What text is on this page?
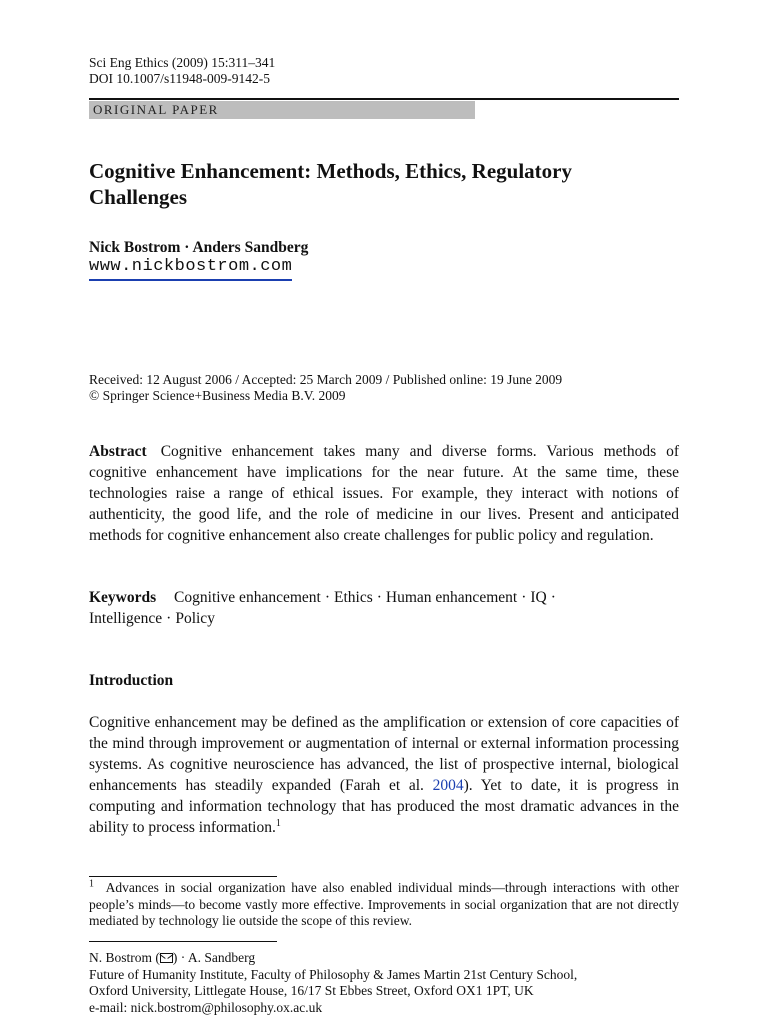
Sci Eng Ethics (2009) 15:311–341
DOI 10.1007/s11948-009-9142-5
ORIGINAL PAPER
Cognitive Enhancement: Methods, Ethics, Regulatory
Challenges
Nick Bostrom · Anders Sandberg
www.nickbostrom.com
Received: 12 August 2006 / Accepted: 25 March 2009 / Published online: 19 June 2009
© Springer Science+Business Media B.V. 2009
Abstract Cognitive enhancement takes many and diverse forms. Various methods of cognitive enhancement have implications for the near future. At the same time, these technologies raise a range of ethical issues. For example, they interact with notions of authenticity, the good life, and the role of medicine in our lives. Present and anticipated methods for cognitive enhancement also create challenges for public policy and regulation.
Keywords Cognitive enhancement · Ethics · Human enhancement · IQ ·
Intelligence · Policy
Introduction
Cognitive enhancement may be defined as the amplification or extension of core capacities of the mind through improvement or augmentation of internal or external information processing systems. As cognitive neuroscience has advanced, the list of prospective internal, biological enhancements has steadily expanded (Farah et al. 2004). Yet to date, it is progress in computing and information technology that has produced the most dramatic advances in the ability to process information.$^1$
$^1$ Advances in social organization have also enabled individual minds—through interactions with other people’s minds—to become vastly more effective. Improvements in social organization that are not directly mediated by technology lie outside the scope of this review.
N. Bostrom ( ) · A. Sandberg
Future of Humanity Institute, Faculty of Philosophy & James Martin 21st Century School,
Oxford University, Littlegate House, 16/17 St Ebbes Street, Oxford OX1 1PT, UK
e-mail: nick.bostrom@philosophy.ox.ac.uk
